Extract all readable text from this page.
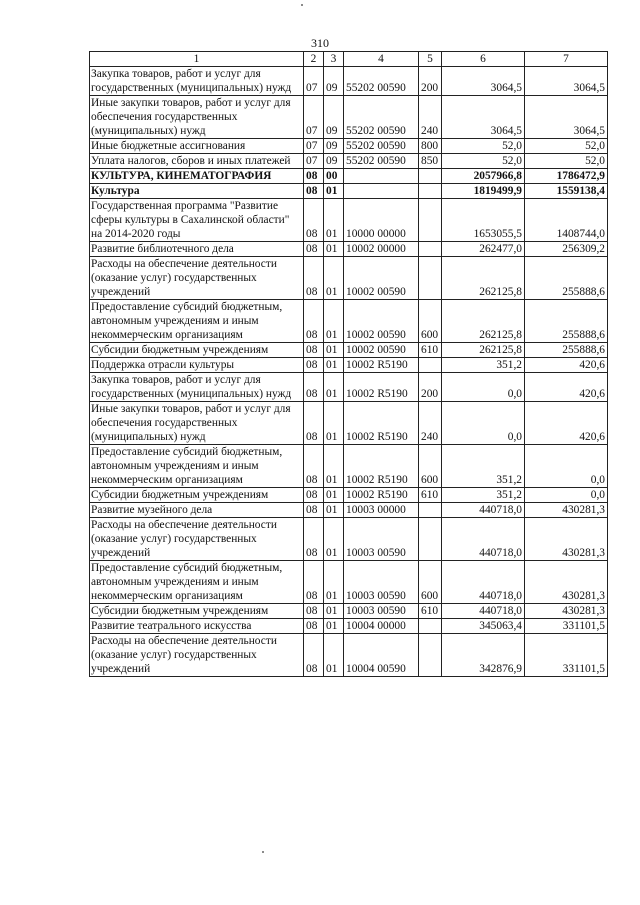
310
1	2	3	4	5	6	7
Закупка товаров, работ и услуг для государственных (муниципальных) нужд	07	09	55202 00590	200	3064,5	3064,5
Иные закупки товаров, работ и услуг для обеспечения государственных (муниципальных) нужд	07	09	55202 00590	240	3064,5	3064,5
Иные бюджетные ассигнования	07	09	55202 00590	800	52,0	52,0
Уплата налогов, сборов и иных платежей	07	09	55202 00590	850	52,0	52,0
КУЛЬТУРА, КИНЕМАТОГРАФИЯ	08	00			2057966,8	1786472,9
Культура	08	01			1819499,9	1559138,4
Государственная программа "Развитие сферы культуры в Сахалинской области" на 2014-2020 годы	08	01	10000 00000		1653055,5	1408744,0
Развитие библиотечного дела	08	01	10002 00000		262477,0	256309,2
Расходы на обеспечение деятельности (оказание услуг) государственных учреждений	08	01	10002 00590		262125,8	255888,6
Предоставление субсидий бюджетным, автономным учреждениям и иным некоммерческим организациям	08	01	10002 00590	600	262125,8	255888,6
Субсидии бюджетным учреждениям	08	01	10002 00590	610	262125,8	255888,6
Поддержка отрасли культуры	08	01	10002 R5190		351,2	420,6
Закупка товаров, работ и услуг для государственных (муниципальных) нужд	08	01	10002 R5190	200	0,0	420,6
Иные закупки товаров, работ и услуг для обеспечения государственных (муниципальных) нужд	08	01	10002 R5190	240	0,0	420,6
Предоставление субсидий бюджетным, автономным учреждениям и иным некоммерческим организациям	08	01	10002 R5190	600	351,2	0,0
Субсидии бюджетным учреждениям	08	01	10002 R5190	610	351,2	0,0
Развитие музейного дела	08	01	10003 00000		440718,0	430281,3
Расходы на обеспечение деятельности (оказание услуг) государственных учреждений	08	01	10003 00590		440718,0	430281,3
Предоставление субсидий бюджетным, автономным учреждениям и иным некоммерческим организациям	08	01	10003 00590	600	440718,0	430281,3
Субсидии бюджетным учреждениям	08	01	10003 00590	610	440718,0	430281,3
Развитие театрального искусства	08	01	10004 00000		345063,4	331101,5
Расходы на обеспечение деятельности (оказание услуг) государственных учреждений	08	01	10004 00590		342876,9	331101,5
